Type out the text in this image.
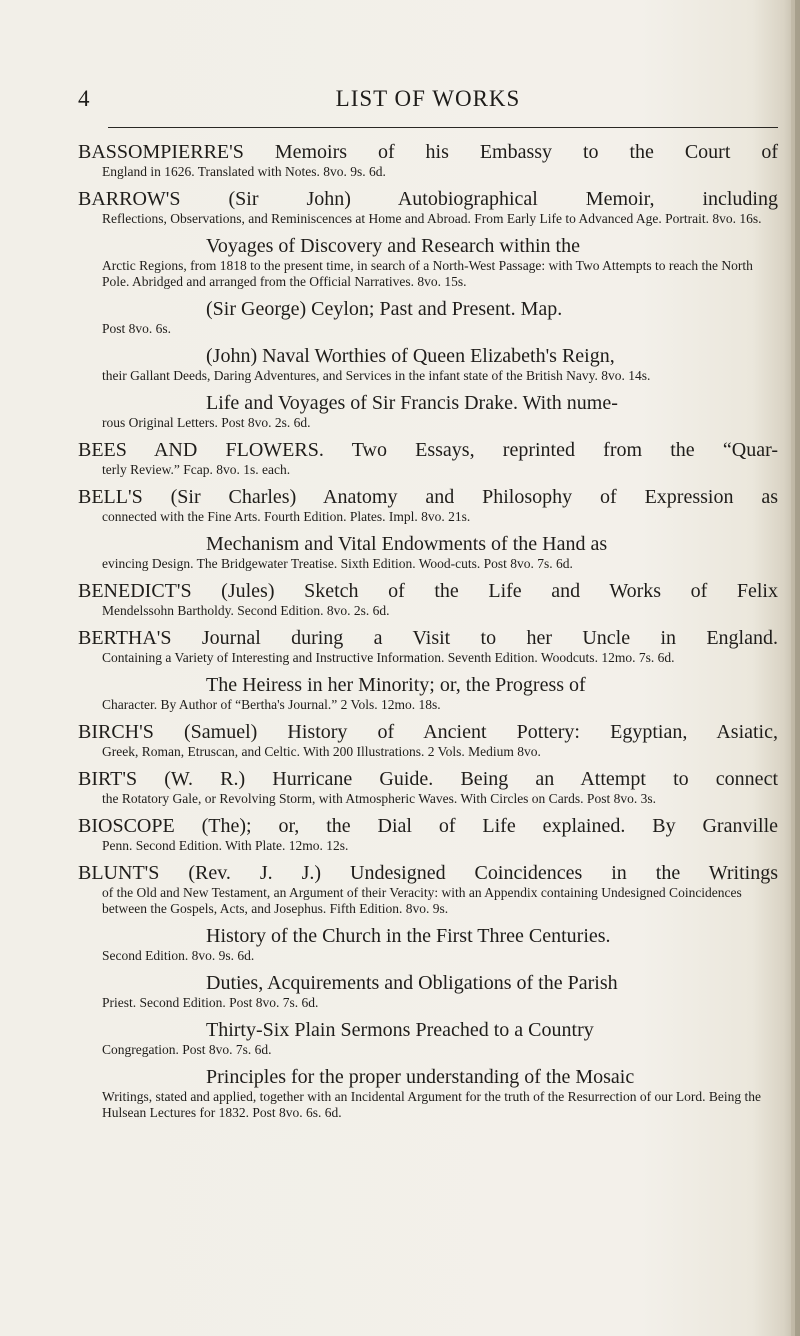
4	LIST OF WORKS
BASSOMPIERRE'S Memoirs of his Embassy to the Court of
England in 1626. Translated with Notes. 8vo. 9s. 6d.
BARROW'S (Sir John) Autobiographical Memoir, including
Reflections, Observations, and Reminiscences at Home and Abroad. From Early Life to Advanced Age. Portrait. 8vo. 16s.
Voyages of Discovery and Research within the
Arctic Regions, from 1818 to the present time, in search of a North-West Passage: with Two Attempts to reach the North Pole. Abridged and arranged from the Official Narratives. 8vo. 15s.
(Sir George) Ceylon; Past and Present. Map.
Post 8vo. 6s.
(John) Naval Worthies of Queen Elizabeth's Reign,
their Gallant Deeds, Daring Adventures, and Services in the infant state of the British Navy. 8vo. 14s.
Life and Voyages of Sir Francis Drake. With nume-
rous Original Letters. Post 8vo. 2s. 6d.
BEES AND FLOWERS. Two Essays, reprinted from the “Quar-
terly Review.” Fcap. 8vo. 1s. each.
BELL'S (Sir Charles) Anatomy and Philosophy of Expression as
connected with the Fine Arts. Fourth Edition. Plates. Impl. 8vo. 21s.
Mechanism and Vital Endowments of the Hand as
evincing Design. The Bridgewater Treatise. Sixth Edition. Wood-cuts. Post 8vo. 7s. 6d.
BENEDICT'S (Jules) Sketch of the Life and Works of Felix
Mendelssohn Bartholdy. Second Edition. 8vo. 2s. 6d.
BERTHA'S Journal during a Visit to her Uncle in England.
Containing a Variety of Interesting and Instructive Information. Seventh Edition. Woodcuts. 12mo. 7s. 6d.
The Heiress in her Minority; or, the Progress of
Character. By Author of “Bertha's Journal.” 2 Vols. 12mo. 18s.
BIRCH'S (Samuel) History of Ancient Pottery: Egyptian, Asiatic,
Greek, Roman, Etruscan, and Celtic. With 200 Illustrations. 2 Vols. Medium 8vo.
BIRT'S (W. R.) Hurricane Guide. Being an Attempt to connect
the Rotatory Gale, or Revolving Storm, with Atmospheric Waves. With Circles on Cards. Post 8vo. 3s.
BIOSCOPE (The); or, the Dial of Life explained. By Granville
Penn. Second Edition. With Plate. 12mo. 12s.
BLUNT'S (Rev. J. J.) Undesigned Coincidences in the Writings
of the Old and New Testament, an Argument of their Veracity: with an Appendix containing Undesigned Coincidences between the Gospels, Acts, and Josephus. Fifth Edition. 8vo. 9s.
History of the Church in the First Three Centuries.
Second Edition. 8vo. 9s. 6d.
Duties, Acquirements and Obligations of the Parish
Priest. Second Edition. Post 8vo. 7s. 6d.
Thirty-Six Plain Sermons Preached to a Country
Congregation. Post 8vo. 7s. 6d.
Principles for the proper understanding of the Mosaic
Writings, stated and applied, together with an Incidental Argument for the truth of the Resurrection of our Lord. Being the Hulsean Lectures for 1832. Post 8vo. 6s. 6d.
